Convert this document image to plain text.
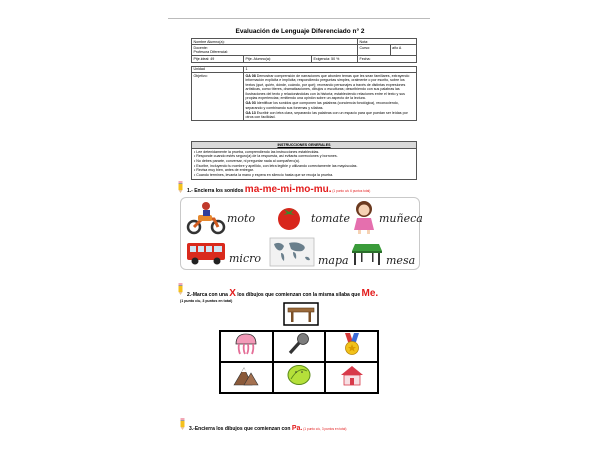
Evaluación de Lenguaje Diferenciado n° 2
Nombre Alumno(a):			Nota:	

Docente:
Profesora Diferencial:			Curso:	año A
Ptje.ideal: 49	Ptje. Alumno(a):	Exigencia: 50 %	Fecha:	

Unidad	1			
Objetivo:	OA 08 Demostrar comprensión de narraciones que aborden temas que les sean familiares, extrayendo información explícita e implícita; respondiendo preguntas simples, oralmente o por escrito, sobre los textos (qué, quién, dónde, cuándo, por qué); recreando personajes a través de distintas expresiones artísticas, como títeres, dramatizaciones, dibujos o esculturas; describiendo con sus palabras las ilustraciones del texto y relacionándolas con la historia; estableciendo relaciones entre el texto y sus propias experiencias; emitiendo una opinión sobre un aspecto de la lectura.

OA 03 Identificar los sonidos que componen las palabras (conciencia fonológica), reconociendo, separando y combinando sus fonemas y sílabas.

OA 13 Escribir con letra clara, separando las palabras con un espacio para que puedan ser leídas por otros con facilidad.			

INSTRUCCIONES GENERALES
• Lee detenidamente la prueba, comprendiendo las instrucciones establecidas.
• Responde cuando estés seguro(a) de la respuesta, así evitarás correcciones y borrones.
• No debes pararte, conversar, ni preguntar nada al compañero(a).
• Escribe, incluyendo tu nombre y apellido, con letra legible y utilizando correctamente las mayúsculas.
• Revisa muy bien, antes de entregar.
• Cuando termines, levanta la mano y espera en silencio hasta que se recoja la prueba.
1.- Encierra los sonidos ma-me-mi-mo-mu. (1 punto c/u 6 puntos total)
moto	tomate	muñeca
micro	mapa	mesa
2.-Marca con una X los dibujos que comienzan con la misma sílaba que Me.
(1 punto c/u, 3 puntos en total)

3.-Encierra los dibujos que comienzan con Pa. (1 punto c/u, 3 puntos en total)
